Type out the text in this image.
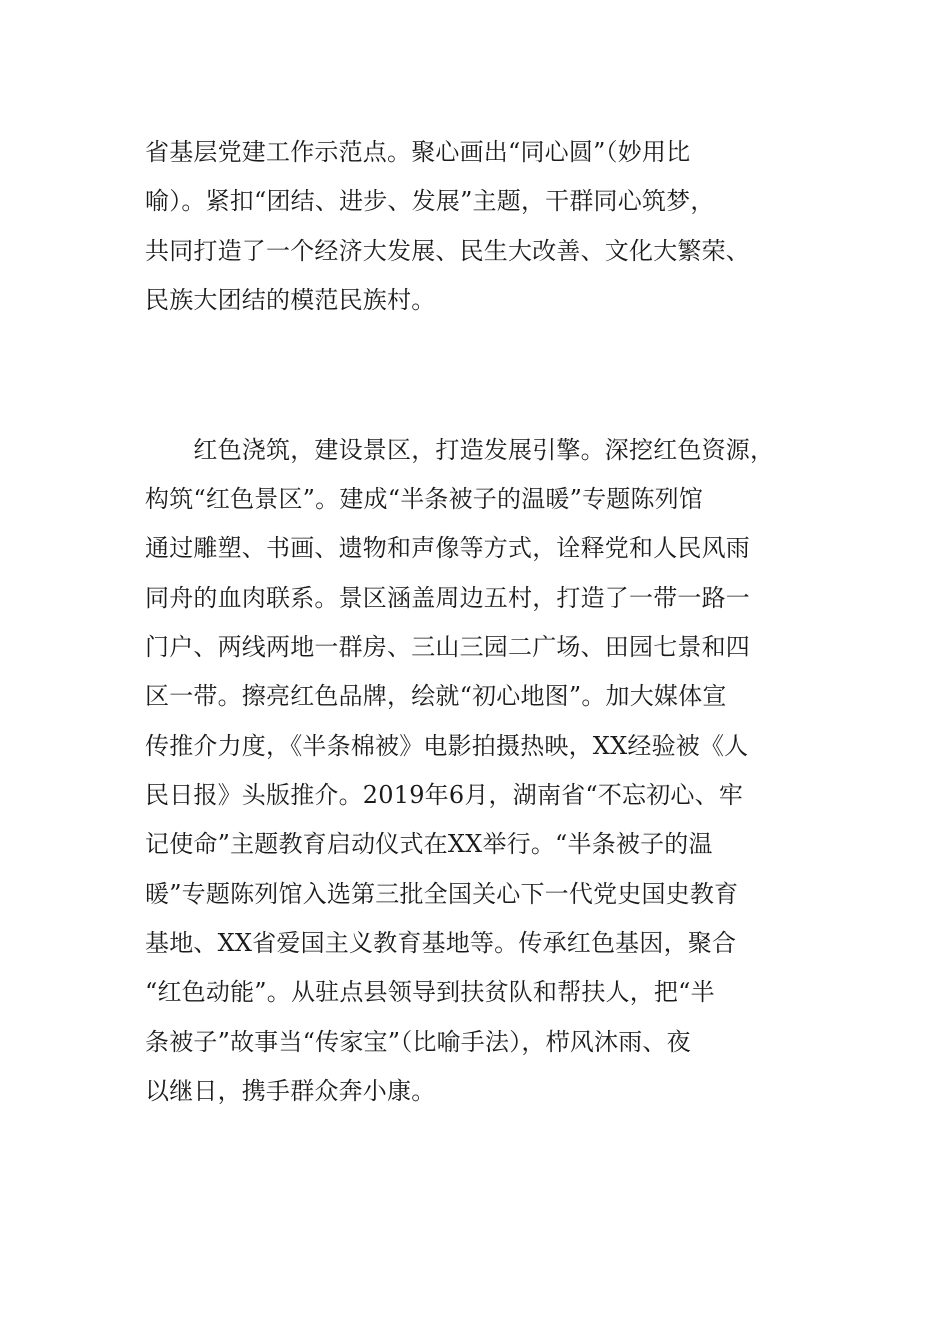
省基层党建工作示范点。聚心画出“同心圆”（妙用比
喻）。紧扣“团结、进步、发展”主题，干群同心筑梦，
共同打造了一个经济大发展、民生大改善、文化大繁荣、
民族大团结的模范民族村。
　　红色浇筑，建设景区，打造发展引擎。深挖红色资源，
构筑“红色景区”。建成“半条被子的温暖”专题陈列馆
通过雕塑、书画、遗物和声像等方式，诠释党和人民风雨
同舟的血肉联系。景区涵盖周边五村，打造了一带一路一
门户、两线两地一群房、三山三园二广场、田园七景和四
区一带。擦亮红色品牌，绘就“初心地图”。加大媒体宣
传推介力度，《半条棉被》电影拍摄热映，XX经验被《人
民日报》头版推介。2019年6月，湖南省“不忘初心、牢
记使命”主题教育启动仪式在XX举行。“半条被子的温
暖”专题陈列馆入选第三批全国关心下一代党史国史教育
基地、XX省爱国主义教育基地等。传承红色基因，聚合
“红色动能”。从驻点县领导到扶贫队和帮扶人，把“半
条被子”故事当“传家宝”（比喻手法），栉风沐雨、夜
以继日，携手群众奔小康。
